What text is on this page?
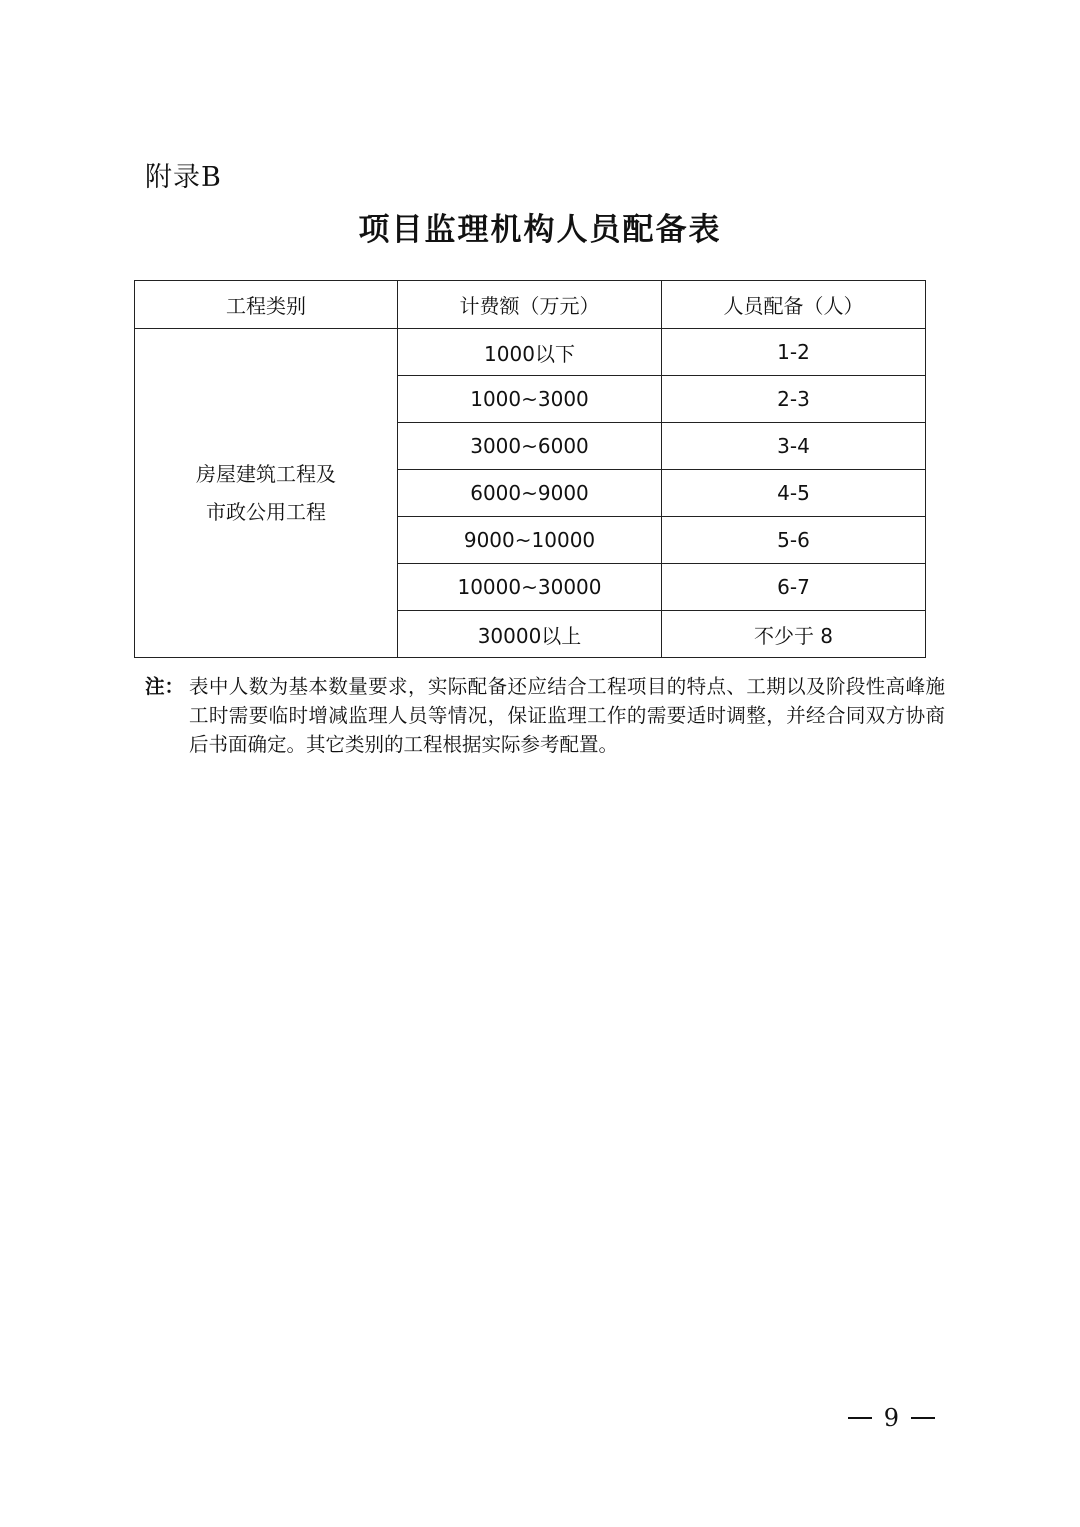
附录B
项目监理机构人员配备表
工程类别	计费额（万元）	人员配备（人）

房屋建筑工程及
市政公用工程	1000以下	1-2
	1000~3000	2-3
	3000~6000	3-4
	6000~9000	4-5
	9000~10000	5-6
	10000~30000	6-7
	30000以上	不少于 8
注： 表中人数为基本数量要求，实际配备还应结合工程项目的特点、工期以及阶段性高峰施工时需要临时增减监理人员等情况，保证监理工作的需要适时调整，并经合同双方协商后书面确定。其它类别的工程根据实际参考配置。
9
